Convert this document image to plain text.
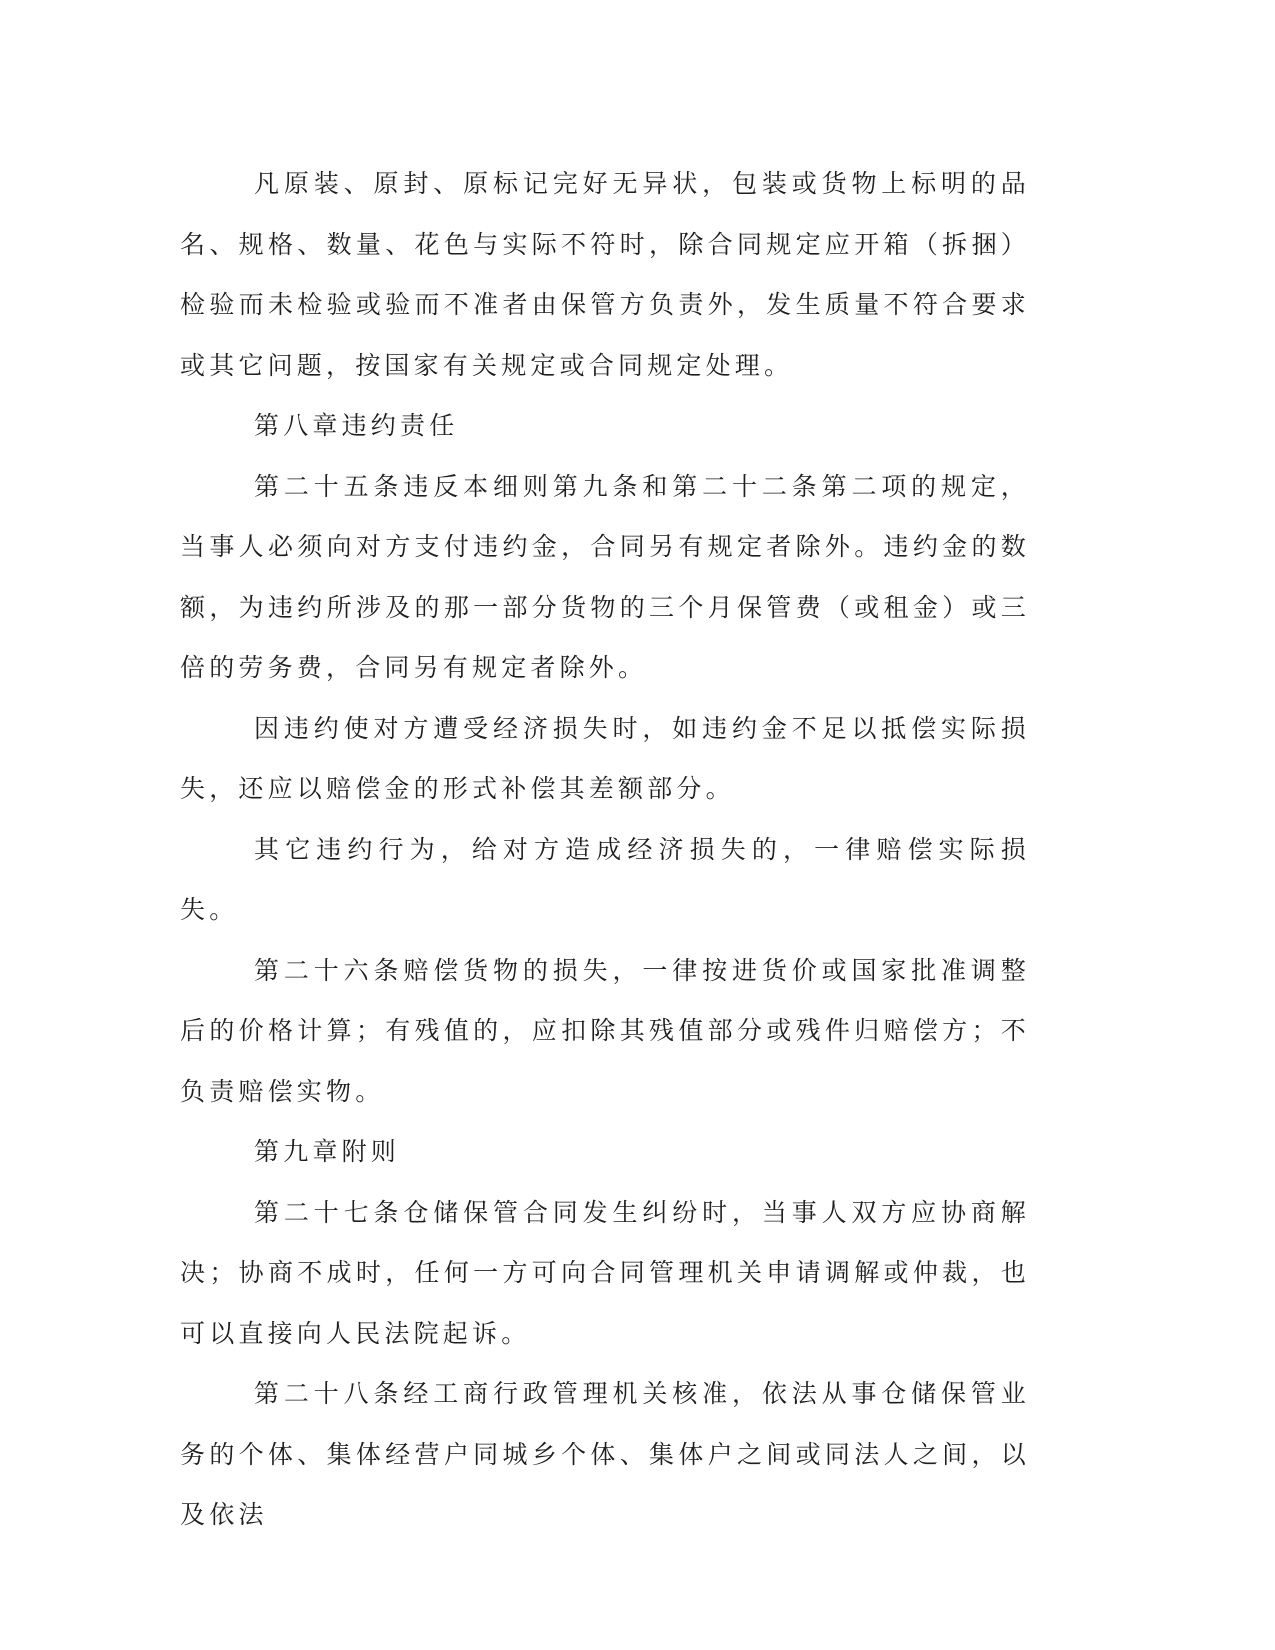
凡原装、原封、原标记完好无异状，包装或货物上标明的品名、规格、数量、花色与实际不符时，除合同规定应开箱（拆捆）检验而未检验或验而不准者由保管方负责外，发生质量不符合要求或其它问题，按国家有关规定或合同规定处理。

第八章违约责任

第二十五条违反本细则第九条和第二十二条第二项的规定，当事人必须向对方支付违约金，合同另有规定者除外。违约金的数额，为违约所涉及的那一部分货物的三个月保管费（或租金）或三倍的劳务费，合同另有规定者除外。

因违约使对方遭受经济损失时，如违约金不足以抵偿实际损失，还应以赔偿金的形式补偿其差额部分。

其它违约行为，给对方造成经济损失的，一律赔偿实际损失。

第二十六条赔偿货物的损失，一律按进货价或国家批准调整后的价格计算；有残值的，应扣除其残值部分或残件归赔偿方；不负责赔偿实物。

第九章附则

第二十七条仓储保管合同发生纠纷时，当事人双方应协商解决；协商不成时，任何一方可向合同管理机关申请调解或仲裁，也可以直接向人民法院起诉。

第二十八条经工商行政管理机关核准，依法从事仓储保管业务的个体、集体经营户同城乡个体、集体户之间或同法人之间，以及依法
